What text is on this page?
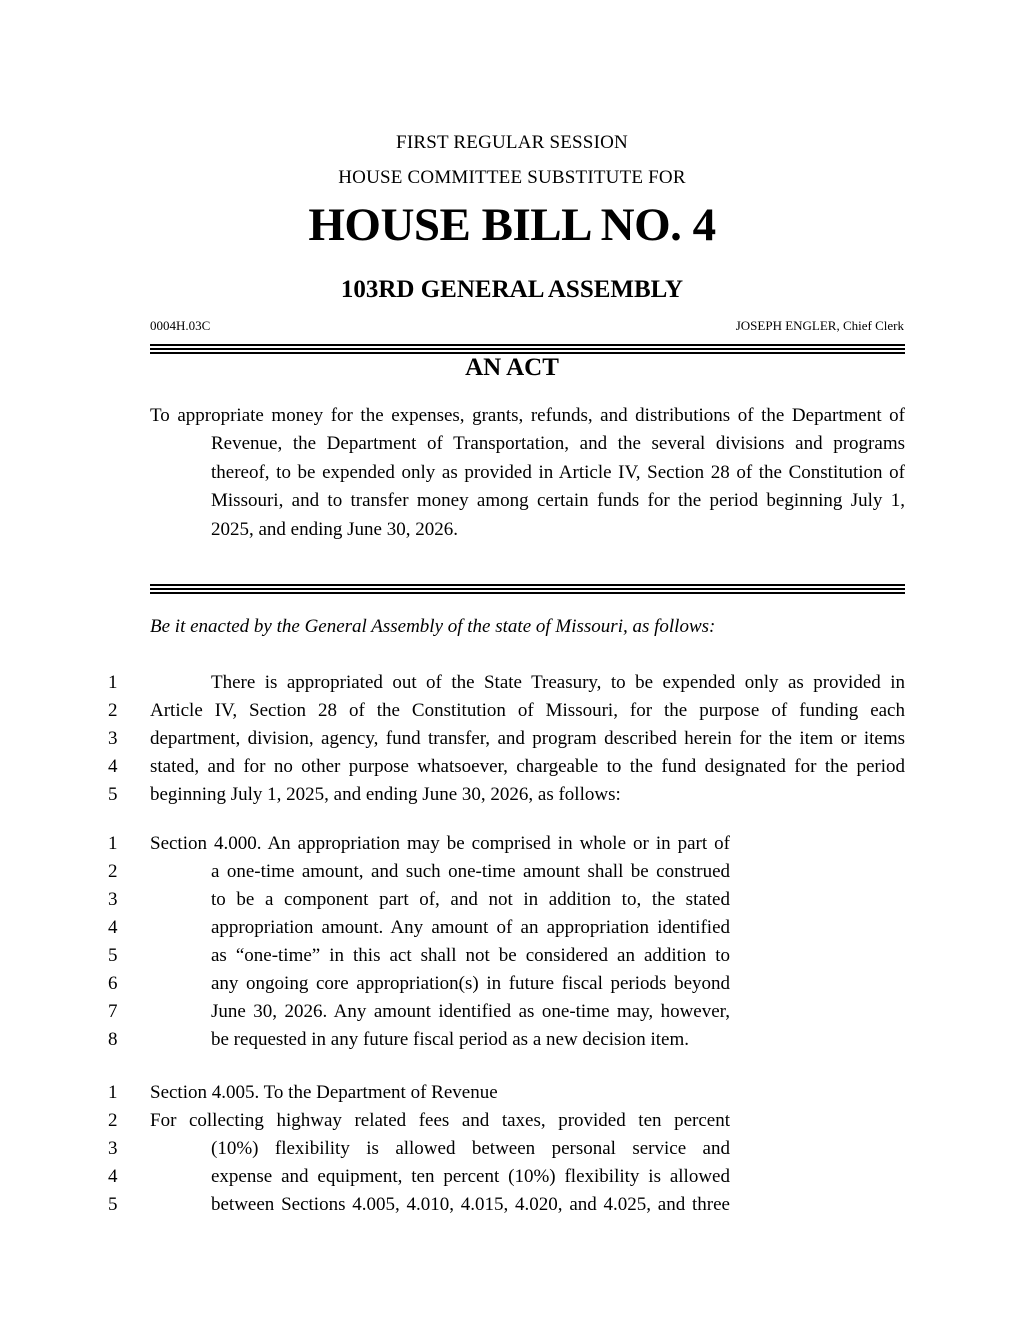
FIRST REGULAR SESSION
HOUSE COMMITTEE SUBSTITUTE FOR
HOUSE BILL NO. 4
103RD GENERAL ASSEMBLY
0004H.03C	JOSEPH ENGLER, Chief Clerk
AN ACT
To appropriate money for the expenses, grants, refunds, and distributions of the Department of Revenue, the Department of Transportation, and the several divisions and programs thereof, to be expended only as provided in Article IV, Section 28 of the Constitution of Missouri, and to transfer money among certain funds for the period beginning July 1, 2025, and ending June 30, 2026.
Be it enacted by the General Assembly of the state of Missouri, as follows:
1	There is appropriated out of the State Treasury, to be expended only as provided in
2 Article IV, Section 28 of the Constitution of Missouri, for the purpose of funding each
3 department, division, agency, fund transfer, and program described herein for the item or items
4 stated, and for no other purpose whatsoever, chargeable to the fund designated for the period
5 beginning July 1, 2025, and ending June 30, 2026, as follows:
1 Section 4.000. An appropriation may be comprised in whole or in part of
2	a one-time amount, and such one-time amount shall be construed
3	to be a component part of, and not in addition to, the stated
4	appropriation amount. Any amount of an appropriation identified
5	as “one-time” in this act shall not be considered an addition to
6	any ongoing core appropriation(s) in future fiscal periods beyond
7	June 30, 2026. Any amount identified as one-time may, however,
8	be requested in any future fiscal period as a new decision item.
1 Section 4.005. To the Department of Revenue
2 For collecting highway related fees and taxes, provided ten percent
3	(10%) flexibility is allowed between personal service and
4	expense and equipment, ten percent (10%) flexibility is allowed
5	between Sections 4.005, 4.010, 4.015, 4.020, and 4.025, and three
